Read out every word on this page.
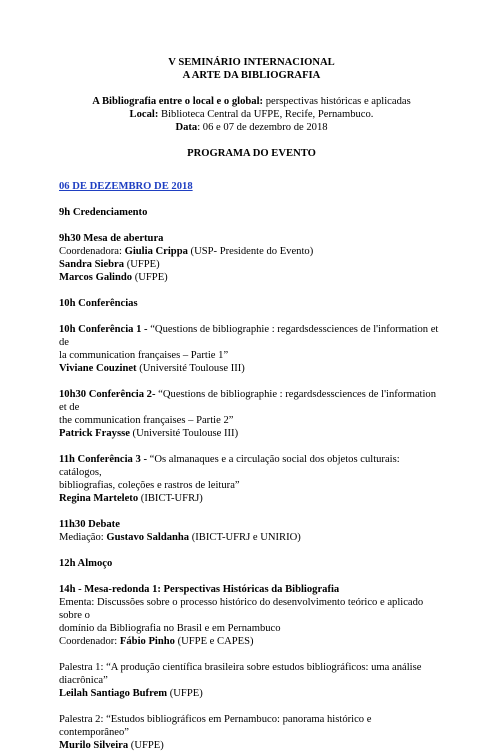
V SEMINÁRIO INTERNACIONAL

A ARTE DA BIBLIOGRAFIA

A Bibliografia entre o local e o global: perspectivas históricas e aplicadas

Local: Biblioteca Central da UFPE, Recife, Pernambuco.

Data: 06 e 07 de dezembro de 2018

PROGRAMA DO EVENTO

06 DE DEZEMBRO DE 2018

9h Credenciamento

9h30 Mesa de abertura

Coordenadora: Giulia Crippa (USP- Presidente do Evento)

Sandra Siebra (UFPE)

Marcos Galindo (UFPE)

10h Conferências

10h Conferência 1 - “Questions de bibliographie : regardsdessciences de l'information et de

la communication françaises – Partie 1”

Viviane Couzinet (Université Toulouse III)

10h30 Conferência 2- “Questions de bibliographie : regardsdessciences de l'information et de

the communication françaises – Partie 2”

Patrick Fraysse (Université Toulouse III)

11h Conferência 3 - “Os almanaques e a circulação social dos objetos culturais: catálogos,

bibliografias, coleções e rastros de leitura”

Regina Marteleto (IBICT-UFRJ)

11h30 Debate

Mediação: Gustavo Saldanha (IBICT-UFRJ e UNIRIO)

12h Almoço

14h - Mesa-redonda 1: Perspectivas Históricas da Bibliografia

Ementa: Discussões sobre o processo histórico do desenvolvimento teórico e aplicado sobre o

domínio da Bibliografia no Brasil e em Pernambuco

Coordenador: Fábio Pinho (UFPE e CAPES)

Palestra 1: “A produção científica brasileira sobre estudos bibliográficos: uma análise

diacrônica”

Leilah Santiago Bufrem (UFPE)

Palestra 2: “Estudos bibliográficos em Pernambuco: panorama histórico e contemporâneo”

Murilo Silveira (UFPE)
